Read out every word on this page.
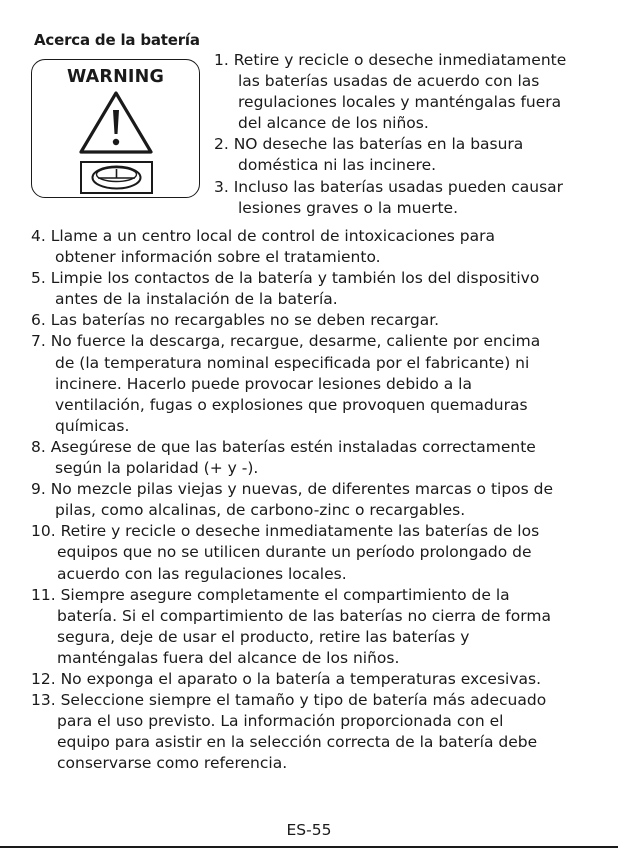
Acerca de la batería
WARNING
1. Retire y recicle o deseche inmediatamente
las baterías usadas de acuerdo con las
regulaciones locales y manténgalas fuera
del alcance de los niños.
2. NO deseche las baterías en la basura
doméstica ni las incinere.
3. Incluso las baterías usadas pueden causar
lesiones graves o la muerte.
4. Llame a un centro local de control de intoxicaciones para
obtener información sobre el tratamiento.
5. Limpie los contactos de la batería y también los del dispositivo
antes de la instalación de la batería.
6. Las baterías no recargables no se deben recargar.
7. No fuerce la descarga, recargue, desarme, caliente por encima
de (la temperatura nominal especificada por el fabricante) ni
incinere. Hacerlo puede provocar lesiones debido a la
ventilación, fugas o explosiones que provoquen quemaduras
químicas.
8. Asegúrese de que las baterías estén instaladas correctamente
según la polaridad (+ y -).
9. No mezcle pilas viejas y nuevas, de diferentes marcas o tipos de
pilas, como alcalinas, de carbono-zinc o recargables.
10. Retire y recicle o deseche inmediatamente las baterías de los
equipos que no se utilicen durante un período prolongado de
acuerdo con las regulaciones locales.
11. Siempre asegure completamente el compartimiento de la
batería. Si el compartimiento de las baterías no cierra de forma
segura, deje de usar el producto, retire las baterías y
manténgalas fuera del alcance de los niños.
12. No exponga el aparato o la batería a temperaturas excesivas.
13. Seleccione siempre el tamaño y tipo de batería más adecuado
para el uso previsto. La información proporcionada con el
equipo para asistir en la selección correcta de la batería debe
conservarse como referencia.
ES-55
